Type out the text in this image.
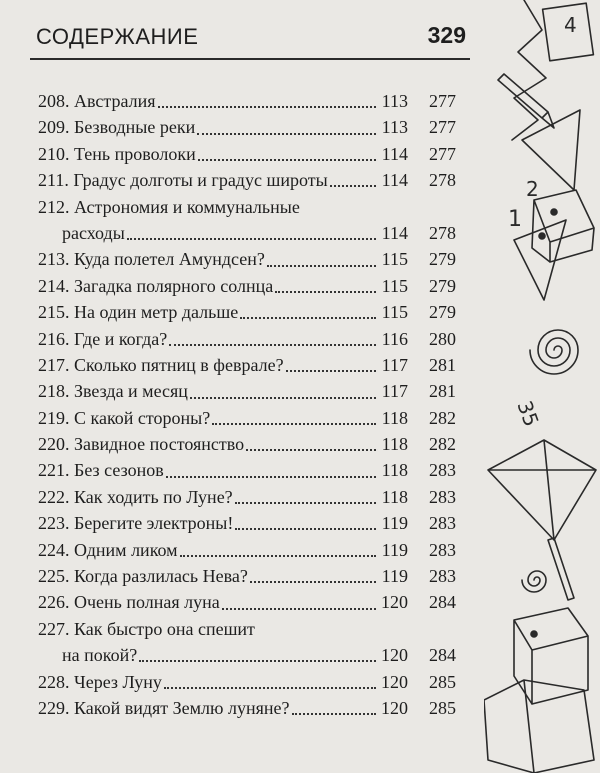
СОДЕРЖАНИЕ	329
208. Австралия	113 277
209. Безводные реки	113 277
210. Тень проволоки	114 277
211. Градус долготы и градус широты	114 278
212. Астрономия и коммунальные
расходы	114 278
213. Куда полетел Амундсен?	115 279
214. Загадка полярного солнца	115 279
215. На один метр дальше	115 279
216. Где и когда?	116 280
217. Сколько пятниц в феврале?	117 281
218. Звезда и месяц	117 281
219. С какой стороны?	118 282
220. Завидное постоянство	118 282
221. Без сезонов	118 283
222. Как ходить по Луне?	118 283
223. Берегите электроны!	119 283
224. Одним ликом	119 283
225. Когда разлилась Нева?	119 283
226. Очень полная луна	120 284
227. Как быстро она спешит
на покой?	120 284
228. Через Луну	120 285
229. Какой видят Землю луняне?	120 285
4
2
1
35
